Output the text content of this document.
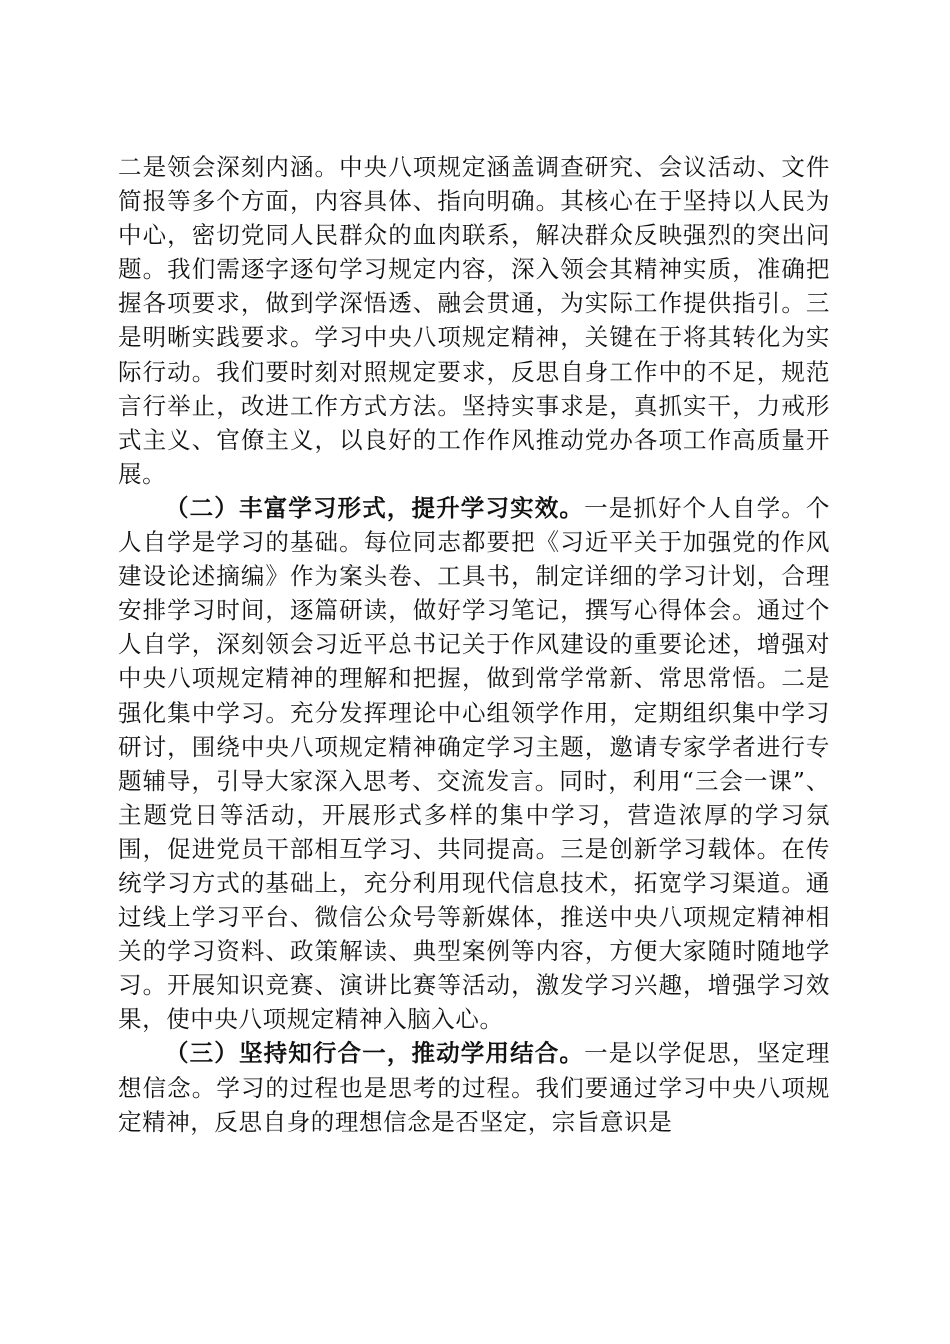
二是领会深刻内涵。中央八项规定涵盖调查研究、会议活动、文件简报等多个方面，内容具体、指向明确。其核心在于坚持以人民为中心，密切党同人民群众的血肉联系，解决群众反映强烈的突出问题。我们需逐字逐句学习规定内容，深入领会其精神实质，准确把握各项要求，做到学深悟透、融会贯通，为实际工作提供指引。三是明晰实践要求。学习中央八项规定精神，关键在于将其转化为实际行动。我们要时刻对照规定要求，反思自身工作中的不足，规范言行举止，改进工作方式方法。坚持实事求是，真抓实干，力戒形式主义、官僚主义，以良好的工作作风推动党办各项工作高质量开展。

（二）丰富学习形式，提升学习实效。一是抓好个人自学。个人自学是学习的基础。每位同志都要把《习近平关于加强党的作风建设论述摘编》作为案头卷、工具书，制定详细的学习计划，合理安排学习时间，逐篇研读，做好学习笔记，撰写心得体会。通过个人自学，深刻领会习近平总书记关于作风建设的重要论述，增强对中央八项规定精神的理解和把握，做到常学常新、常思常悟。二是强化集中学习。充分发挥理论中心组领学作用，定期组织集中学习研讨，围绕中央八项规定精神确定学习主题，邀请专家学者进行专题辅导，引导大家深入思考、交流发言。同时，利用“三会一课”、主题党日等活动，开展形式多样的集中学习，营造浓厚的学习氛围，促进党员干部相互学习、共同提高。三是创新学习载体。在传统学习方式的基础上，充分利用现代信息技术，拓宽学习渠道。通过线上学习平台、微信公众号等新媒体，推送中央八项规定精神相关的学习资料、政策解读、典型案例等内容，方便大家随时随地学习。开展知识竞赛、演讲比赛等活动，激发学习兴趣，增强学习效果，使中央八项规定精神入脑入心。

（三）坚持知行合一，推动学用结合。一是以学促思，坚定理想信念。学习的过程也是思考的过程。我们要通过学习中央八项规定精神，反思自身的理想信念是否坚定，宗旨意识是
